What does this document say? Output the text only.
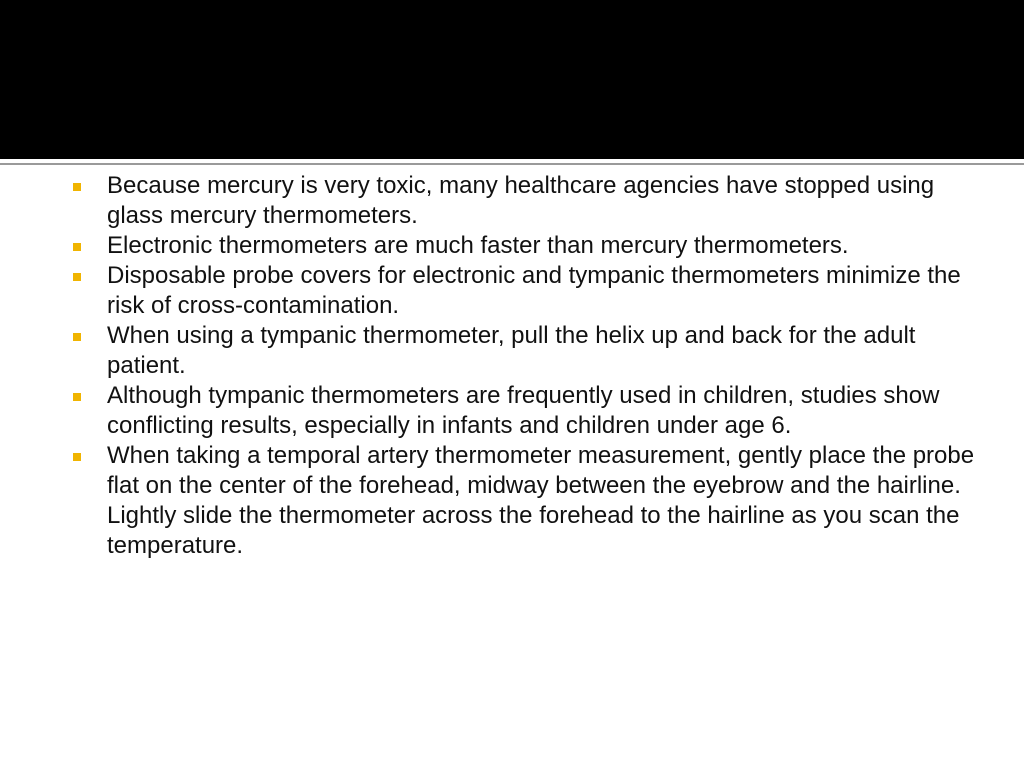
Because mercury is very toxic, many healthcare agencies have stopped using glass mercury thermometers.
Electronic thermometers are much faster than mercury thermometers.
Disposable probe covers for electronic and tympanic thermometers minimize the risk of cross-contamination.
When using a tympanic thermometer, pull the helix up and back for the adult patient.
Although tympanic thermometers are frequently used in children, studies show conflicting results, especially in infants and children under age 6.
When taking a temporal artery thermometer measurement, gently place the probe flat on the center of the forehead, midway between the eyebrow and the hairline. Lightly slide the thermometer across the forehead to the hairline as you scan the temperature.
